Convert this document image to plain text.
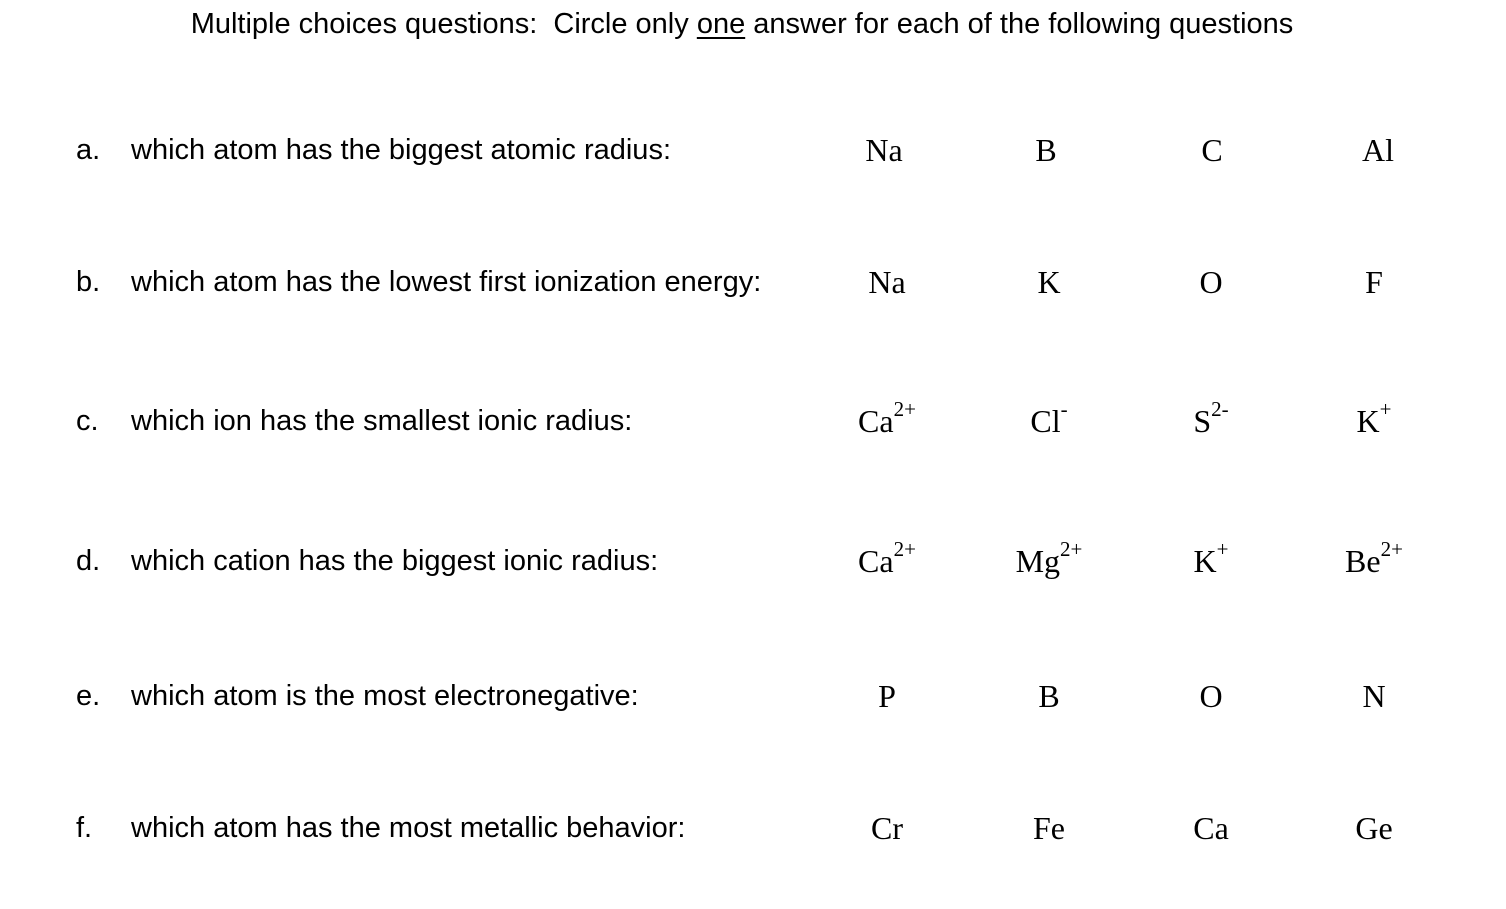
Multiple choices questions:  Circle only one answer for each of the following questions
a. which atom has the biggest atomic radius:	Na	B	C	Al
b. which atom has the lowest first ionization energy:	Na	K	O	F
c. which ion has the smallest ionic radius:	$Ca^{2+}$	Cl-	$S^{2-}$	K+
d. which cation has the biggest ionic radius:	$Ca^{2+}$	$Mg^{2+}$	K+	$Be^{2+}$
e. which atom is the most electronegative:	P	B	O	N
f. which atom has the most metallic behavior:	Cr	Fe	Ca	Ge
